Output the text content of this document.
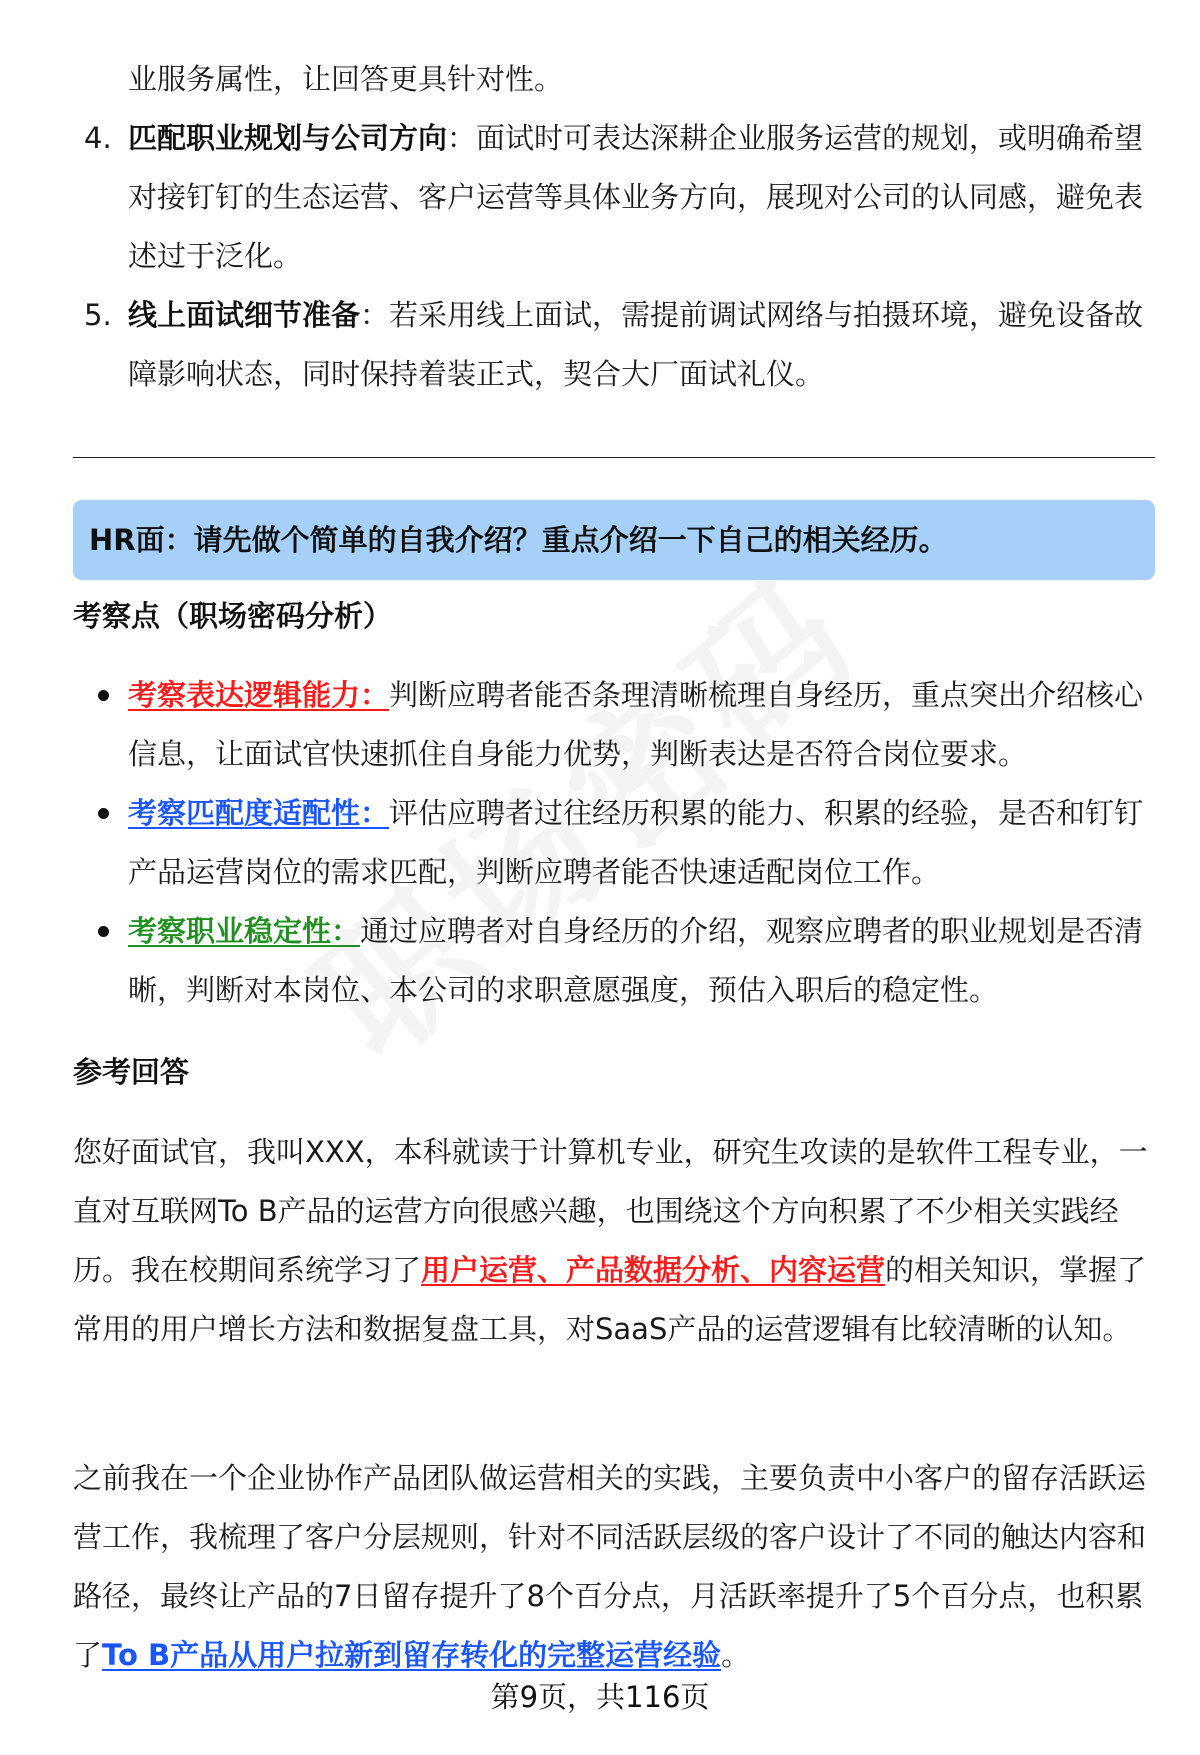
业服务属性，让回答更具针对性。
4. 匹配职业规划与公司方向：面试时可表达深耕企业服务运营的规划，或明确希望对接钉钉的生态运营、客户运营等具体业务方向，展现对公司的认同感，避免表述过于泛化。
5. 线上面试细节准备：若采用线上面试，需提前调试网络与拍摄环境，避免设备故障影响状态，同时保持着装正式，契合大厂面试礼仪。
HR面：请先做个简单的自我介绍？重点介绍一下自己的相关经历。
考察点（职场密码分析）
考察表达逻辑能力：判断应聘者能否条理清晰梳理自身经历，重点突出介绍核心信息，让面试官快速抓住自身能力优势，判断表达是否符合岗位要求。
考察匹配度适配性：评估应聘者过往经历积累的能力、积累的经验，是否和钉钉产品运营岗位的需求匹配，判断应聘者能否快速适配岗位工作。
考察职业稳定性：通过应聘者对自身经历的介绍，观察应聘者的职业规划是否清晰，判断对本岗位、本公司的求职意愿强度，预估入职后的稳定性。
参考回答
您好面试官，我叫XXX，本科就读于计算机专业，研究生攻读的是软件工程专业，一直对互联网To B产品的运营方向很感兴趣，也围绕这个方向积累了不少相关实践经历。我在校期间系统学习了用户运营、产品数据分析、内容运营的相关知识，掌握了常用的用户增长方法和数据复盘工具，对SaaS产品的运营逻辑有比较清晰的认知。
之前我在一个企业协作产品团队做运营相关的实践，主要负责中小客户的留存活跃运营工作，我梳理了客户分层规则，针对不同活跃层级的客户设计了不同的触达内容和路径，最终让产品的7日留存提升了8个百分点，月活跃率提升了5个百分点，也积累了To B产品从用户拉新到留存转化的完整运营经验。
第9页，共116页
